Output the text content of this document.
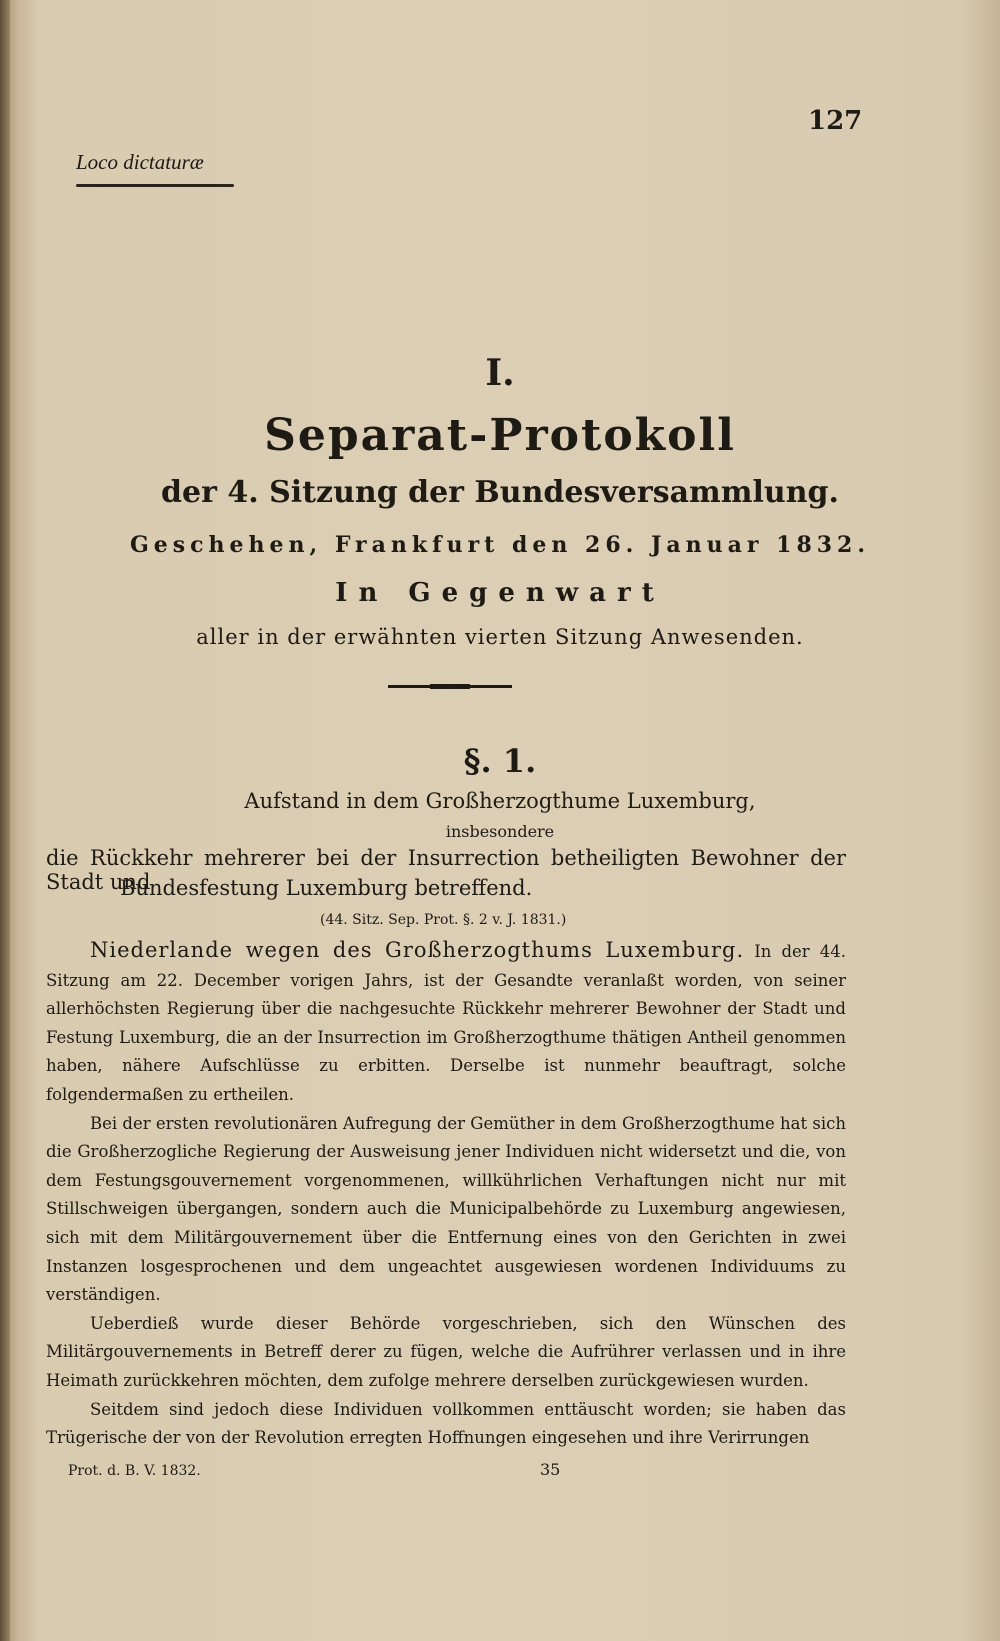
127
Loco dictaturæ
I.
Separat-Protokoll
der 4. Sitzung der Bundesversammlung.
Geschehen, Frankfurt den 26. Januar 1832.
In Gegenwart
aller in der erwähnten vierten Sitzung Anwesenden.
§. 1.
Aufstand in dem Großherzogthume Luxemburg,
insbesondere
die Rückkehr mehrerer bei der Insurrection betheiligten Bewohner der Stadt und
Bundesfestung Luxemburg betreffend.
(44. Sitz. Sep. Prot. §. 2 v. J. 1831.)

Niederlande wegen des Großherzogthums Luxemburg. In der 44. Sitzung am 22. December vorigen Jahrs, ist der Gesandte veranlaßt worden, von seiner allerhöchsten Regierung über die nachgesuchte Rückkehr mehrerer Bewohner der Stadt und Festung Luxemburg, die an der Insurrection im Großherzogthume thätigen Antheil genommen haben, nähere Aufschlüsse zu erbitten. Derselbe ist nunmehr beauftragt, solche folgendermaßen zu ertheilen.

Bei der ersten revolutionären Aufregung der Gemüther in dem Großherzogthume hat sich die Großherzogliche Regierung der Ausweisung jener Individuen nicht widersetzt und die, von dem Festungsgouvernement vorgenommenen, willkührlichen Verhaftungen nicht nur mit Stillschweigen übergangen, sondern auch die Municipalbehörde zu Luxemburg angewiesen, sich mit dem Militärgouvernement über die Entfernung eines von den Gerichten in zwei Instanzen losgesprochenen und dem ungeachtet ausgewiesen wordenen Individuums zu verständigen.

Ueberdieß wurde dieser Behörde vorgeschrieben, sich den Wünschen des Militärgouvernements in Betreff derer zu fügen, welche die Aufrührer verlassen und in ihre Heimath zurückkehren möchten, dem zufolge mehrere derselben zurückgewiesen wurden.

Seitdem sind jedoch diese Individuen vollkommen enttäuscht worden; sie haben das Trügerische der von der Revolution erregten Hoffnungen eingesehen und ihre Verirrungen

Prot. d. B. V. 1832.	35
